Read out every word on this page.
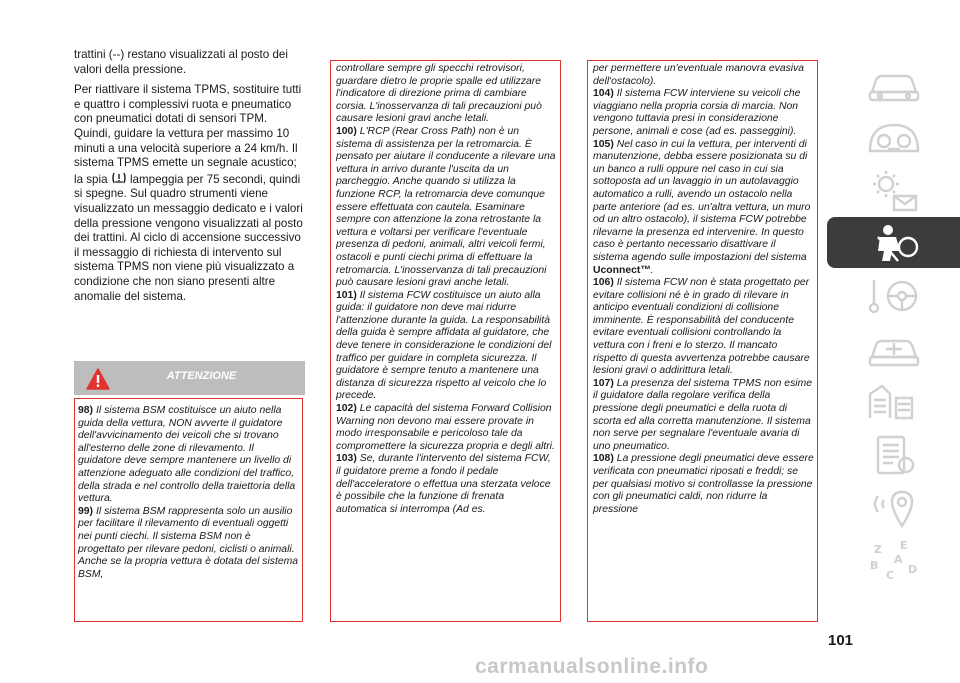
trattini (--) restano visualizzati al posto dei valori della pressione.

Per riattivare il sistema TPMS, sostituire tutti e quattro i complessivi ruota e pneumatico con pneumatici dotati di sensori TPM. Quindi, guidare la vettura per massimo 10 minuti a una velocità superiore a 24 km/h. Il sistema TPMS emette un segnale acustico; la spia lampeggia per 75 secondi, quindi si spegne. Sul quadro strumenti viene visualizzato un messaggio dedicato e i valori della pressione vengono visualizzati al posto dei trattini. Al ciclo di accensione successivo il messaggio di richiesta di intervento sul sistema TPMS non viene più visualizzato a condizione che non siano presenti altre anomalie del sistema.

ATTENZIONE

98) Il sistema BSM costituisce un aiuto nella guida della vettura, NON avverte il guidatore dell'avvicinamento dei veicoli che si trovano all'esterno delle zone di rilevamento. Il guidatore deve sempre mantenere un livello di attenzione adeguato alle condizioni del traffico, della strada e nel controllo della traiettoria della vettura.

99) Il sistema BSM rappresenta solo un ausilio per facilitare il rilevamento di eventuali oggetti nei punti ciechi. Il sistema BSM non è progettato per rilevare pedoni, ciclisti o animali. Anche se la propria vettura è dotata del sistema BSM,

controllare sempre gli specchi retrovisori, guardare dietro le proprie spalle ed utilizzare l'indicatore di direzione prima di cambiare corsia. L'inosservanza di tali precauzioni può causare lesioni gravi anche letali.

100) L'RCP (Rear Cross Path) non è un sistema di assistenza per la retromarcia. È pensato per aiutare il conducente a rilevare una vettura in arrivo durante l'uscita da un parcheggio. Anche quando si utilizza la funzione RCP, la retromarcia deve comunque essere effettuata con cautela. Esaminare sempre con attenzione la zona retrostante la vettura e voltarsi per verificare l'eventuale presenza di pedoni, animali, altri veicoli fermi, ostacoli e punti ciechi prima di effettuare la retromarcia. L'inosservanza di tali precauzioni può causare lesioni gravi anche letali.

101) Il sistema FCW costituisce un aiuto alla guida: il guidatore non deve mai ridurre l'attenzione durante la guida. La responsabilità della guida è sempre affidata al guidatore, che deve tenere in considerazione le condizioni del traffico per guidare in completa sicurezza. Il guidatore è sempre tenuto a mantenere una distanza di sicurezza rispetto al veicolo che lo precede.

102) Le capacità del sistema Forward Collision Warning non devono mai essere provate in modo irresponsabile e pericoloso tale da compromettere la sicurezza propria e degli altri.

103) Se, durante l'intervento del sistema FCW, il guidatore preme a fondo il pedale dell'acceleratore o effettua una sterzata veloce è possibile che la funzione di frenata automatica si interrompa (Ad es.

per permettere un'eventuale manovra evasiva dell'ostacolo).

104) Il sistema FCW interviene su veicoli che viaggiano nella propria corsia di marcia. Non vengono tuttavia presi in considerazione persone, animali e cose (ad es. passeggini).

105) Nel caso in cui la vettura, per interventi di manutenzione, debba essere posizionata su di un banco a rulli oppure nel caso in cui sia sottoposta ad un lavaggio in un autolavaggio automatico a rulli, avendo un ostacolo nella parte anteriore (ad es. un'altra vettura, un muro od un altro ostacolo), il sistema FCW potrebbe rilevarne la presenza ed intervenire. In questo caso è pertanto necessario disattivare il sistema agendo sulle impostazioni del sistema Uconnect™.

106) Il sistema FCW non è stata progettato per evitare collisioni né è in grado di rilevare in anticipo eventuali condizioni di collisione imminente. È responsabilità del conducente evitare eventuali collisioni controllando la vettura con i freni e lo sterzo. Il mancato rispetto di questa avvertenza potrebbe causare lesioni gravi o addirittura letali.

107) La presenza del sistema TPMS non esime il guidatore dalla regolare verifica della pressione degli pneumatici e della ruota di scorta ed alla corretta manutenzione. Il sistema non serve per segnalare l'eventuale avaria di uno pneumatico.

108) La pressione degli pneumatici deve essere verificata con pneumatici riposati e freddi; se per qualsiasi motivo si controllasse la pressione con gli pneumatici caldi, non ridurre la pressione

Z E
B
C D
A
101
carmanualsonline.info
